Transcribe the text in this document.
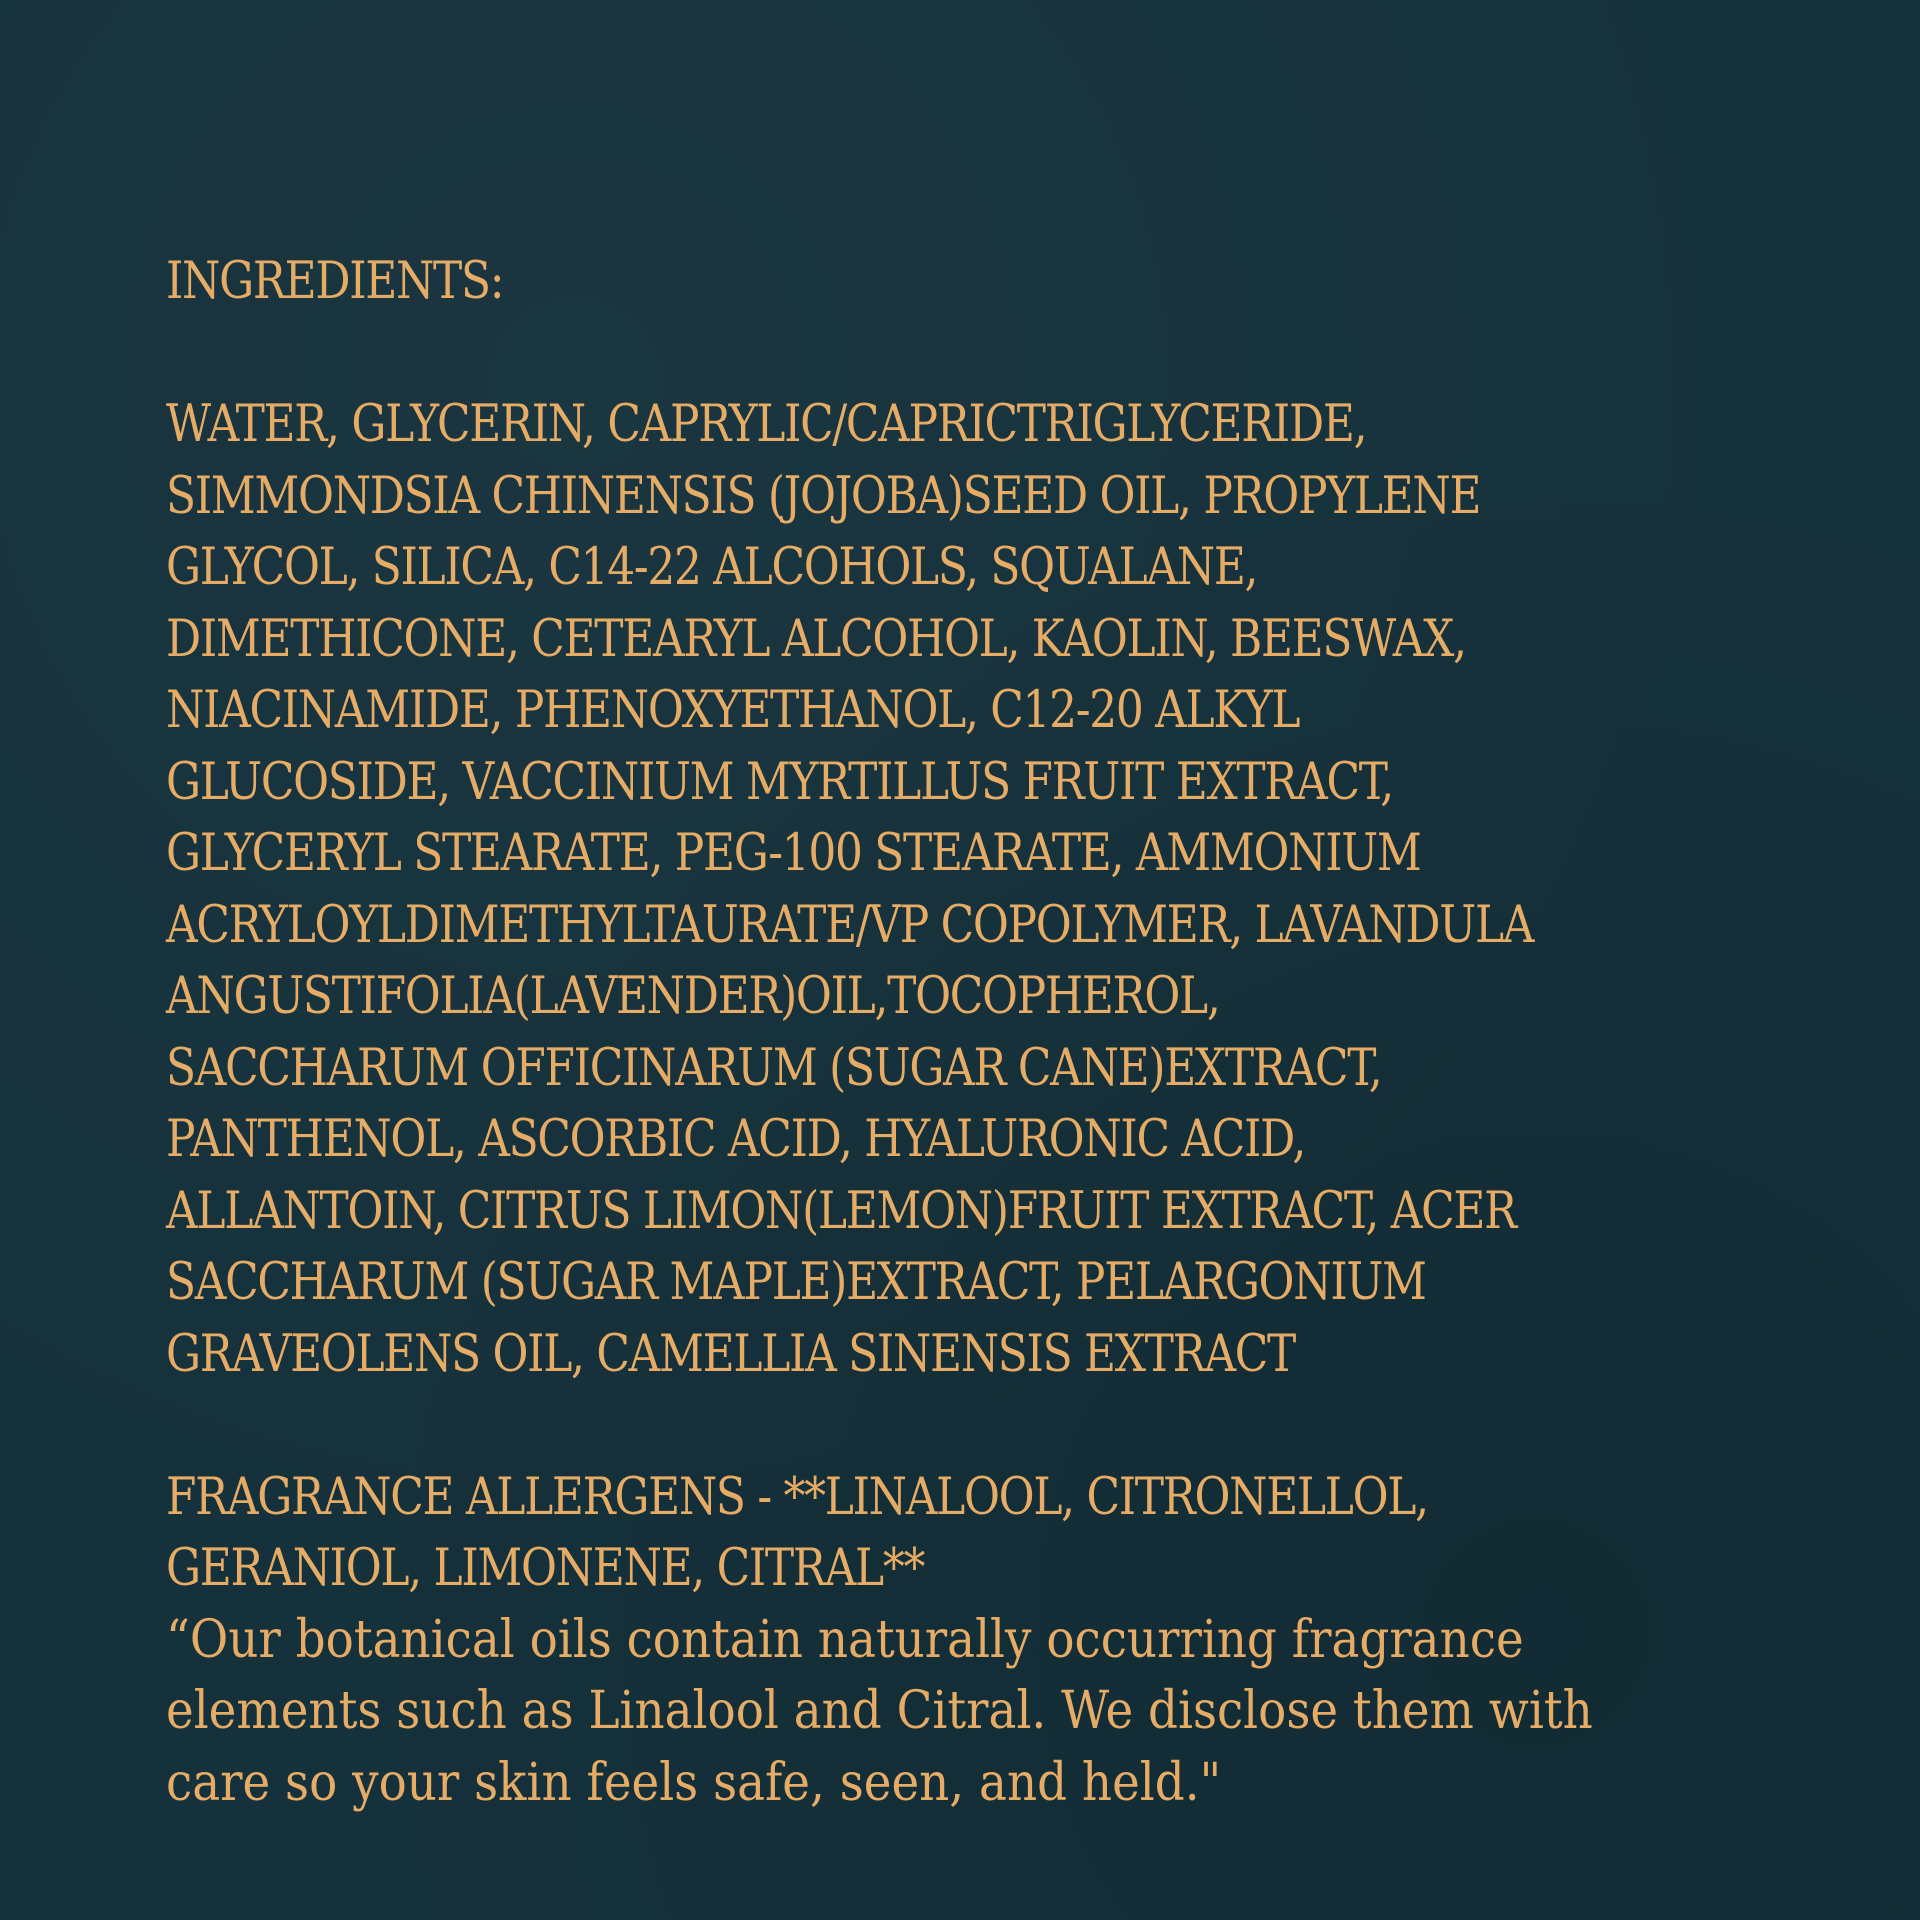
INGREDIENTS:
WATER, GLYCERIN, CAPRYLIC/CAPRICTRIGLYCERIDE,
SIMMONDSIA CHINENSIS (JOJOBA)SEED OIL, PROPYLENE
GLYCOL, SILICA, C14-22 ALCOHOLS, SQUALANE,
DIMETHICONE, CETEARYL ALCOHOL, KAOLIN, BEESWAX,
NIACINAMIDE, PHENOXYETHANOL, C12-20 ALKYL
GLUCOSIDE, VACCINIUM MYRTILLUS FRUIT EXTRACT,
GLYCERYL STEARATE, PEG-100 STEARATE, AMMONIUM
ACRYLOYLDIMETHYLTAURATE/VP COPOLYMER, LAVANDULA
ANGUSTIFOLIA(LAVENDER)OIL,TOCOPHEROL,
SACCHARUM OFFICINARUM (SUGAR CANE)EXTRACT,
PANTHENOL, ASCORBIC ACID, HYALURONIC ACID,
ALLANTOIN, CITRUS LIMON(LEMON)FRUIT EXTRACT, ACER
SACCHARUM (SUGAR MAPLE)EXTRACT, PELARGONIUM
GRAVEOLENS OIL, CAMELLIA SINENSIS EXTRACT
FRAGRANCE ALLERGENS - **LINALOOL, CITRONELLOL,
GERANIOL, LIMONENE, CITRAL**
“Our botanical oils contain naturally occurring fragrance
elements such as Linalool and Citral. We disclose them with
care so your skin feels safe, seen, and held."
